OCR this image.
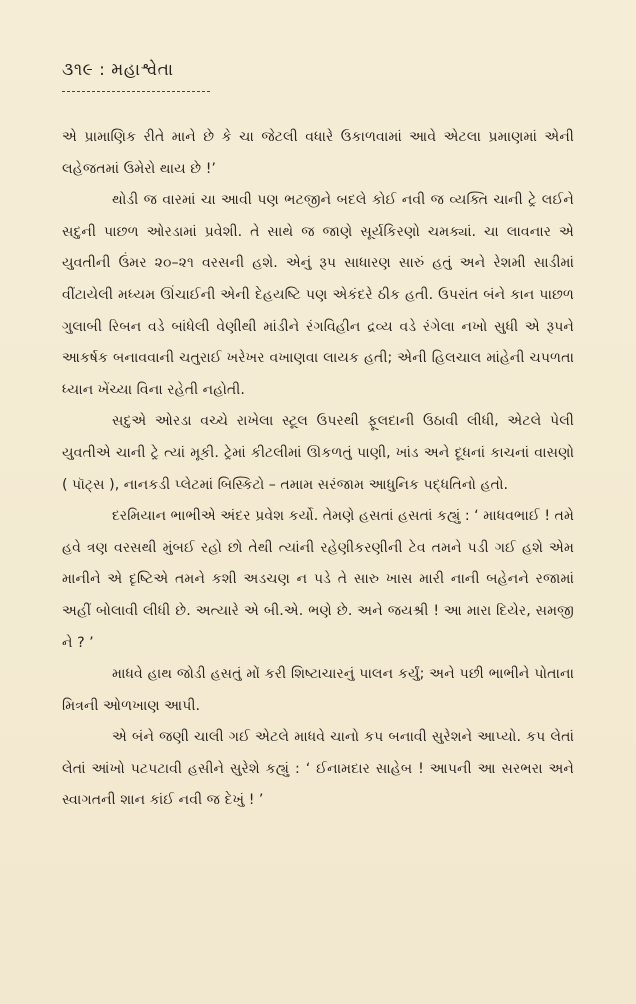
૩૧૯ : મહાશ્વેતા

એ પ્રામાણિક રીતે માને છે કે ચા જેટલી વધારે ઉકાળવામાં આવે એટલા પ્રમાણમાં એની લહેજતમાં ઉમેરો થાય છે !’

થોડી જ વારમાં ચા આવી પણ ભટજીને બદલે કોઈ નવી જ વ્યક્તિ ચાની ટ્રે લઈને સદુની પાછળ ઓરડામાં પ્રવેશી. તે સાથે જ જાણે સૂર્યકિરણો ચમક્યાં. ચા લાવનાર એ યુવતીની ઉંમર ૨૦–૨૧ વરસની હશે. એનું રૂપ સાધારણ સારું હતું અને રેશમી સાડીમાં વીંટાયેલી મધ્યમ ઊંચાઈની એની દેહયષ્ટિ પણ એકંદરે ઠીક હતી. ઉપરાંત બંને કાન પાછળ ગુલાબી રિબન વડે બાંધેલી વેણીથી માંડીને રંગવિહીન દ્રવ્ય વડે રંગેલા નખો સુધી એ રૂપને આકર્ષક બનાવવાની ચતુરાઈ ખરેખર વખાણવા લાયક હતી; એની હિલચાલ માંહેની ચપળતા ધ્યાન ખેંચ્યા વિના રહેતી નહોતી.

સદુએ ઓરડા વચ્ચે રાખેલા સ્ટૂલ ઉપરથી ફૂલદાની ઉઠાવી લીધી, એટલે પેલી યુવતીએ ચાની ટ્રે ત્યાં મૂકી. ટ્રેમાં કીટલીમાં ઊકળતું પાણી, ખાંડ અને દૂધનાં કાચનાં વાસણો ( પૉટ્સ ), નાનકડી પ્લેટમાં બિસ્કિટો – તમામ સરંજામ આધુનિક પદ્ધતિનો હતો.

દરમિયાન ભાભીએ અંદર પ્રવેશ કર્યો. તેમણે હસતાં હસતાં કહ્યું : ‘ માધવભાઈ ! તમે હવે ત્રણ વરસથી મુંબઈ રહો છો તેથી ત્યાંની રહેણીકરણીની ટેવ તમને પડી ગઈ હશે એમ માનીને એ દૃષ્ટિએ તમને કશી અડચણ ન પડે તે સારુ ખાસ મારી નાની બહેનને રજામાં અહીં બોલાવી લીધી છે. અત્યારે એ બી.એ. ભણે છે. અને જયશ્રી ! આ મારા દિયેર, સમજી ને ? ’

માધવે હાથ જોડી હસતું મોં કરી શિષ્ટાચારનું પાલન કર્યું; અને પછી ભાભીને પોતાના મિત્રની ઓળખાણ આપી.

એ બંને જણી ચાલી ગઈ એટલે માધવે ચાનો કપ બનાવી સુરેશને આપ્યો. કપ લેતાં લેતાં આંખો પટપટાવી હસીને સુરેશે કહ્યું : ‘ ઈનામદાર સાહેબ ! આપની આ સરભરા અને સ્વાગતની શાન કાંઈ નવી જ દેખું ! ’
